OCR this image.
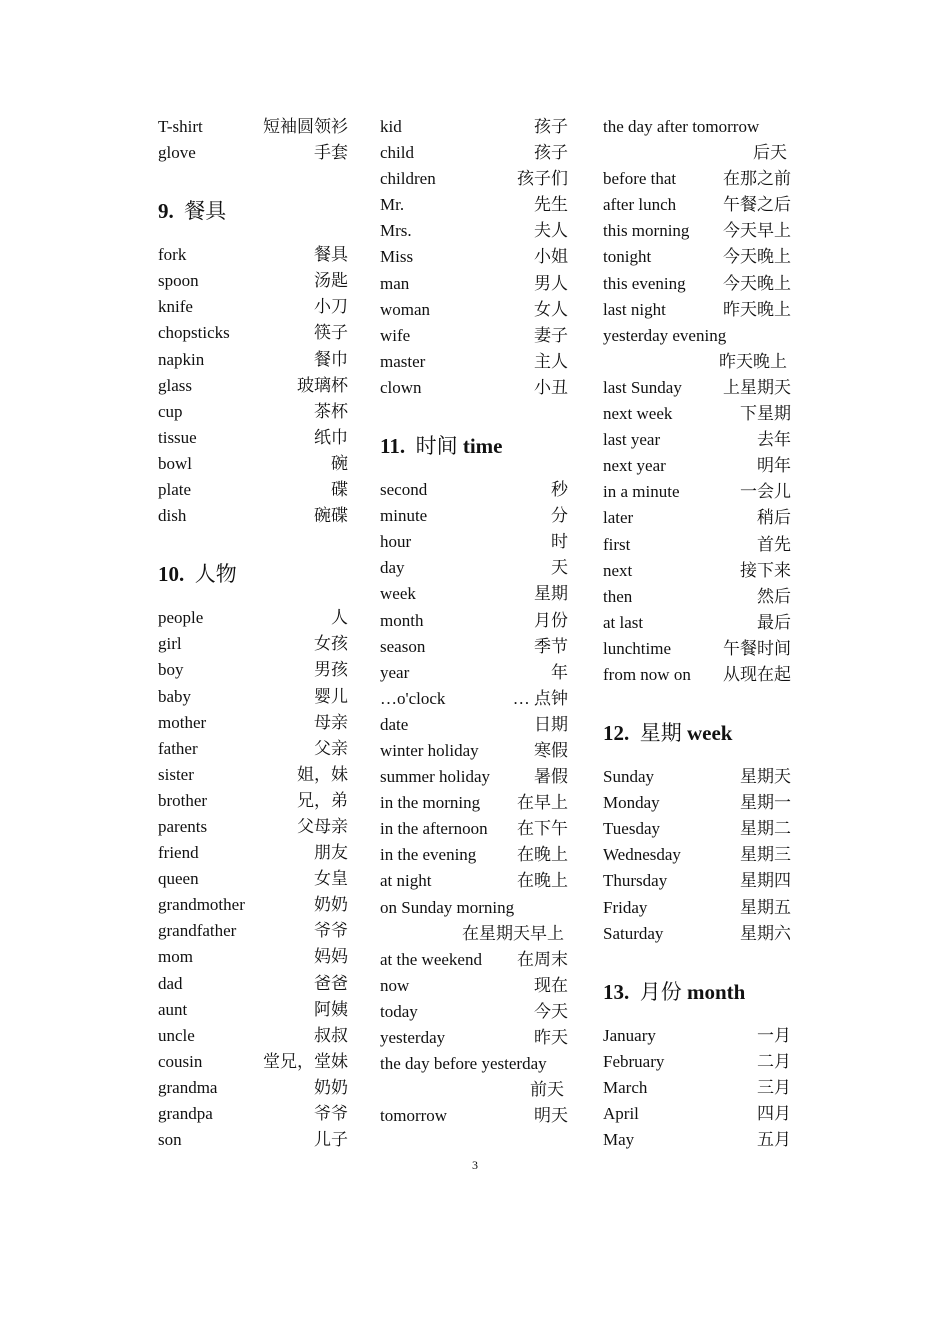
T-shirt	短袖圆领衫
glove	手套
9. 餐具
fork	餐具
spoon	汤匙
knife	小刀
chopsticks	筷子
napkin	餐巾
glass	玻璃杯
cup	茶杯
tissue	纸巾
bowl	碗
plate	碟
dish	碗碟
10. 人物
people	人
girl	女孩
boy	男孩
baby	婴儿
mother	母亲
father	父亲
sister	姐，妹
brother	兄，弟
parents	父母亲
friend	朋友
queen	女皇
grandmother	奶奶
grandfather	爷爷
mom	妈妈
dad	爸爸
aunt	阿姨
uncle	叔叔
cousin	堂兄，堂妹
grandma	奶奶
grandpa	爷爷
son	儿子
kid	孩子
child	孩子
children	孩子们
Mr.	先生
Mrs.	夫人
Miss	小姐
man	男人
woman	女人
wife	妻子
master	主人
clown	小丑
11. 时间 time
second	秒
minute	分
hour	时
day	天
week	星期
month	月份
season	季节
year	年
…o'clock	… 点钟
date	日期
winter holiday	寒假
summer holiday	暑假
in the morning 在早上
in the afternoon 在下午
in the evening 在晚上
at night	在晚上
on Sunday morning
在星期天早上
at the weekend 在周末
now	现在
today	今天
yesterday	昨天
the day before yesterday
前天
tomorrow	明天
the day after tomorrow
后天
before that	在那之前
after lunch	午餐之后
this morning 今天早上
tonight	今天晚上
this evening 今天晚上
last night	昨天晚上
yesterday evening
昨天晚上
last Sunday 上星期天
next week	下星期
last year	去年
next year	明年
in a minute	一会儿
later	稍后
first	首先
next	接下来
then	然后
at last	最后
lunchtime	午餐时间
from now on 从现在起
12. 星期 week
Sunday	星期天
Monday	星期一
Tuesday	星期二
Wednesday	星期三
Thursday	星期四
Friday	星期五
Saturday	星期六
13. 月份 month
January	一月
February	二月
March	三月
April	四月
May	五月
3
